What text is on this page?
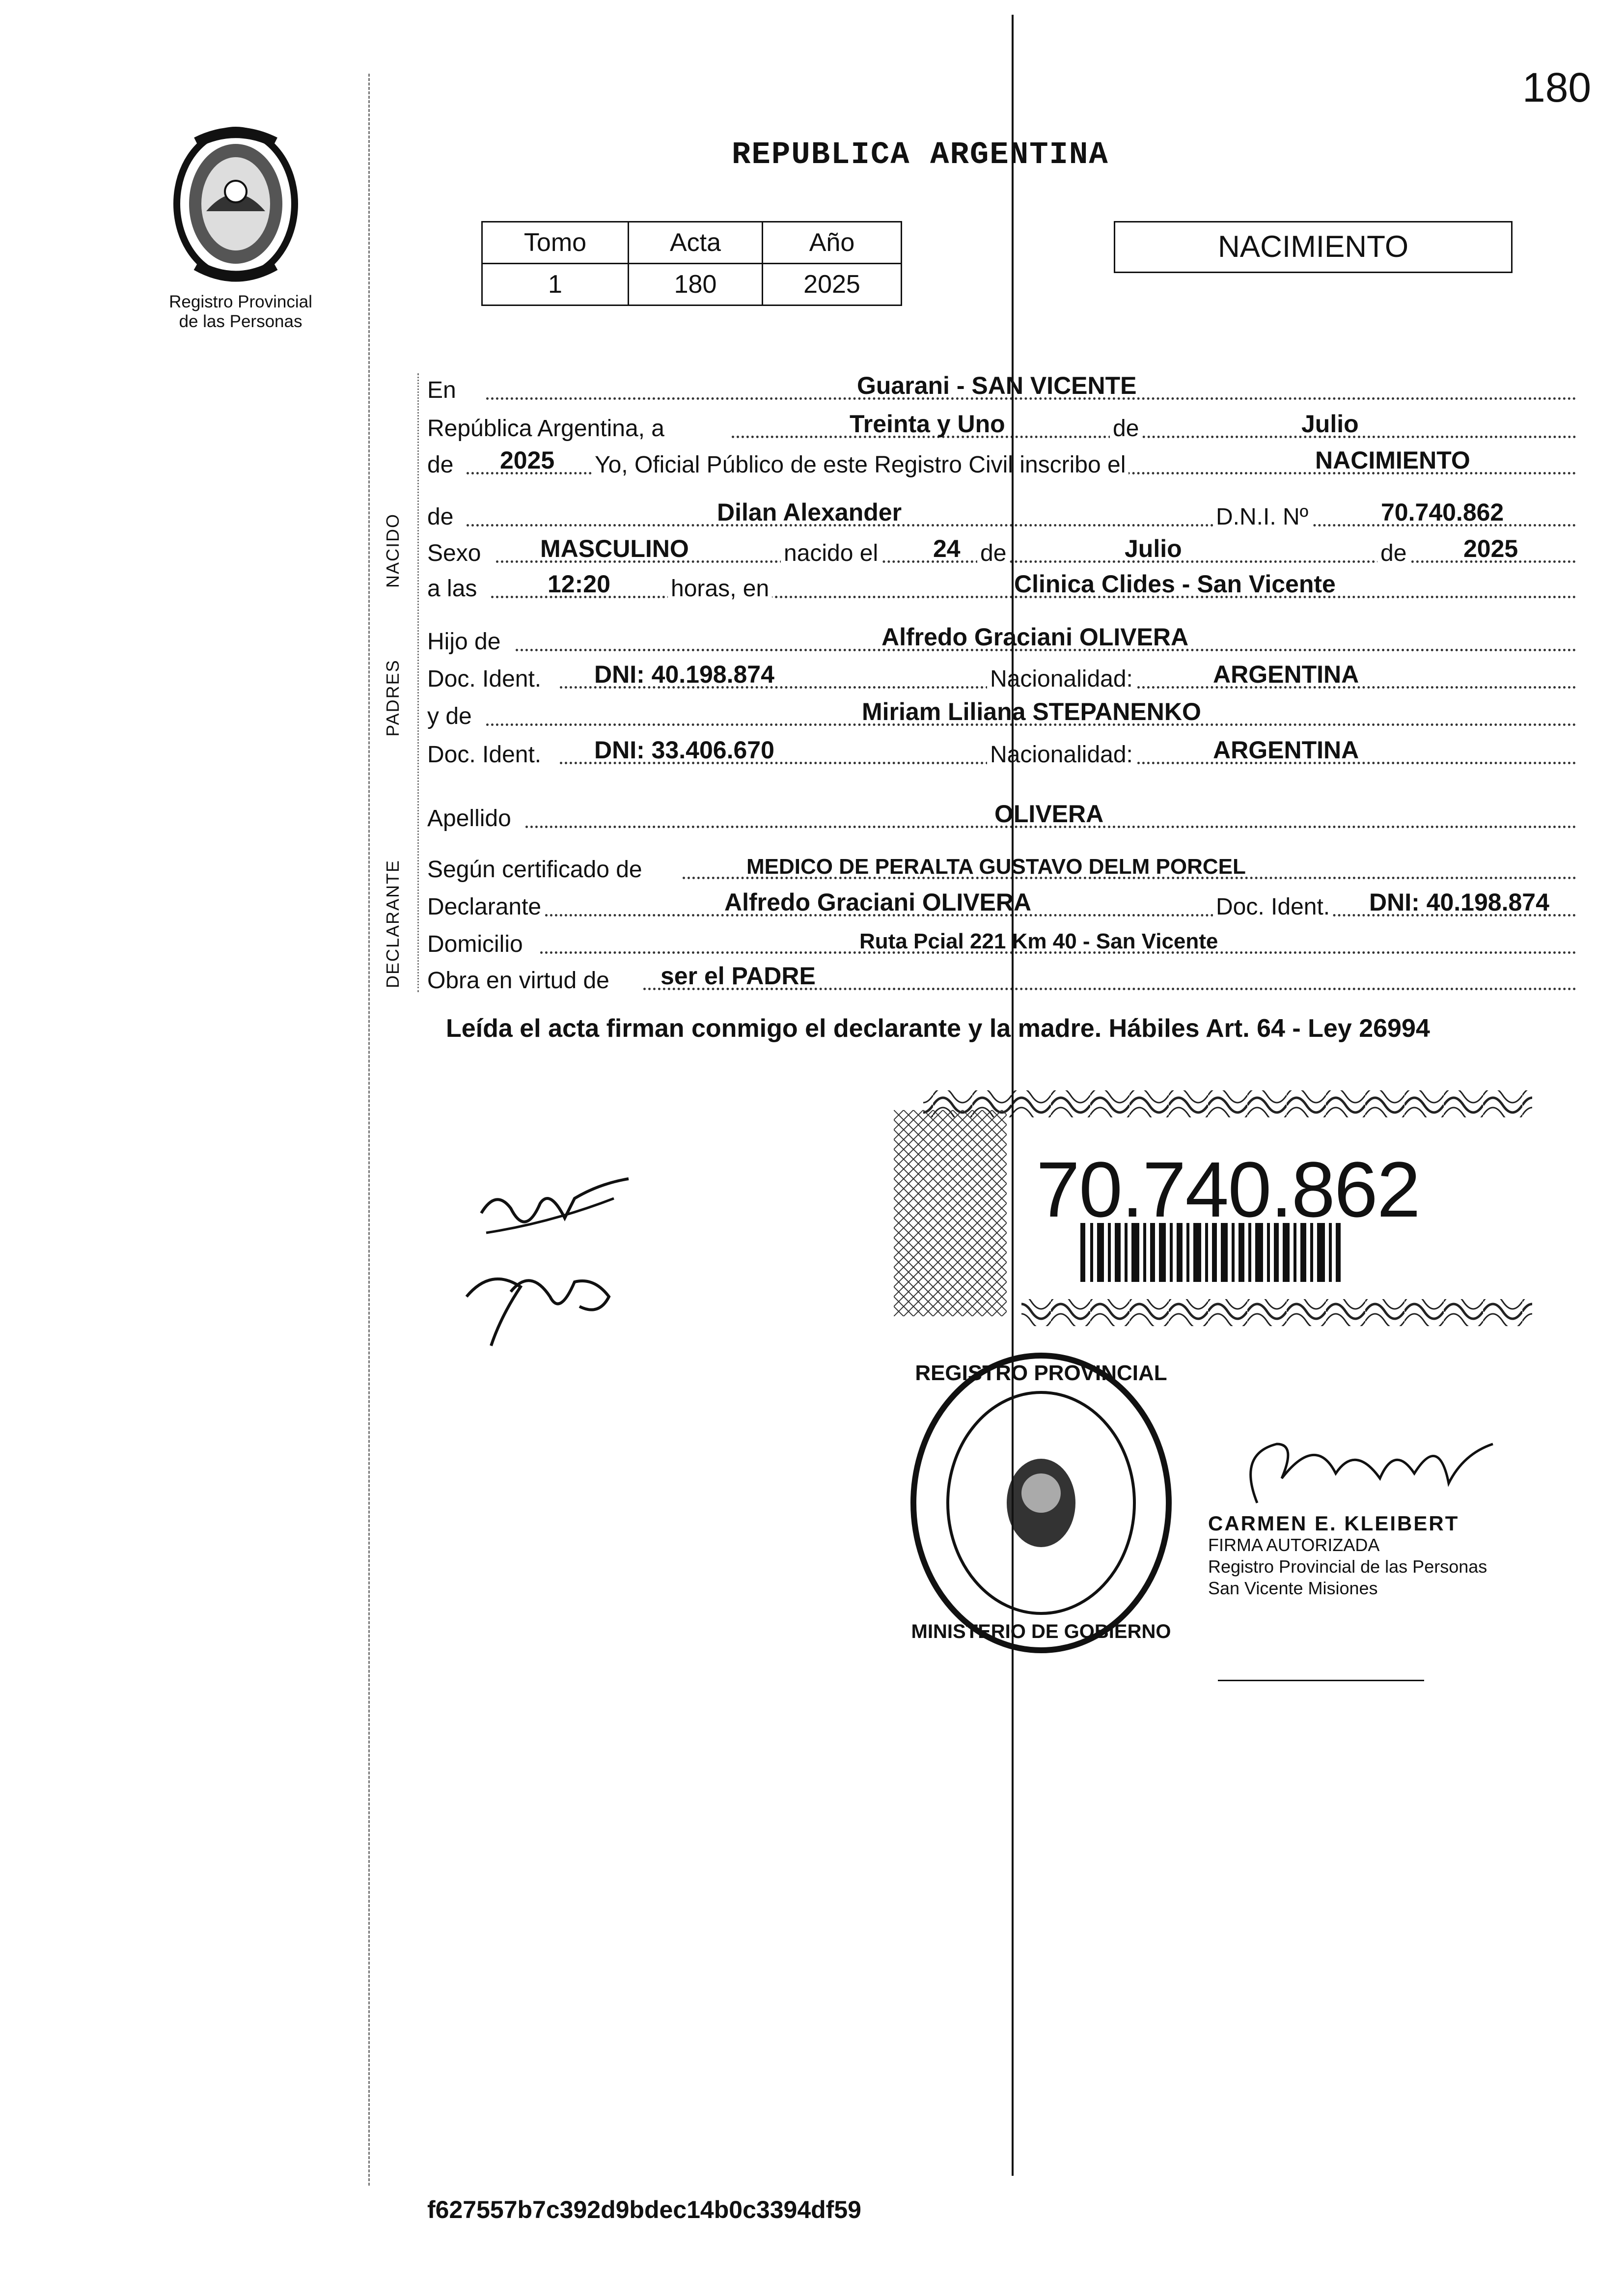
180
REPUBLICA ARGENTINA
Registro Provincial
de las Personas
Tomo	Acta	Año
1	180	2025
NACIMIENTO
NACIDO
PADRES
DECLARANTE
En	Guarani - SAN VICENTE
República Argentina, a	Treinta y Uno	de	Julio
de 2025 Yo, Oficial Público de este Registro Civil inscribo el	NACIMIENTO
de	Dilan Alexander	D.N.I. Nº	70.740.862
Sexo MASCULINO	nacido el 24 de	Julio	de 2025
a las	12:20	horas, en	Clinica Clides - San Vicente
Hijo de	Alfredo Graciani OLIVERA
Doc. Ident. DNI: 40.198.874	Nacionalidad:	ARGENTINA
y de	Miriam Liliana STEPANENKO
Doc. Ident. DNI: 33.406.670	Nacionalidad:	ARGENTINA
Apellido	OLIVERA
Según certificado de	MEDICO DE PERALTA GUSTAVO DELM PORCEL
Declarante	Alfredo Graciani OLIVERA	Doc. Ident. DNI: 40.198.874
Domicilio	Ruta Pcial 221 Km 40 - San Vicente
Obra en virtud de ser el PADRE
Leída el acta firman conmigo el declarante y la madre. Hábiles Art. 64 - Ley 26994
70.740.862
REGISTRO PROVINCIAL
MINISTERIO DE GOBIERNO
CARMEN E. KLEIBERT
FIRMA AUTORIZADA
Registro Provincial de las Personas
San Vicente Misiones
f627557b7c392d9bdec14b0c3394df59
